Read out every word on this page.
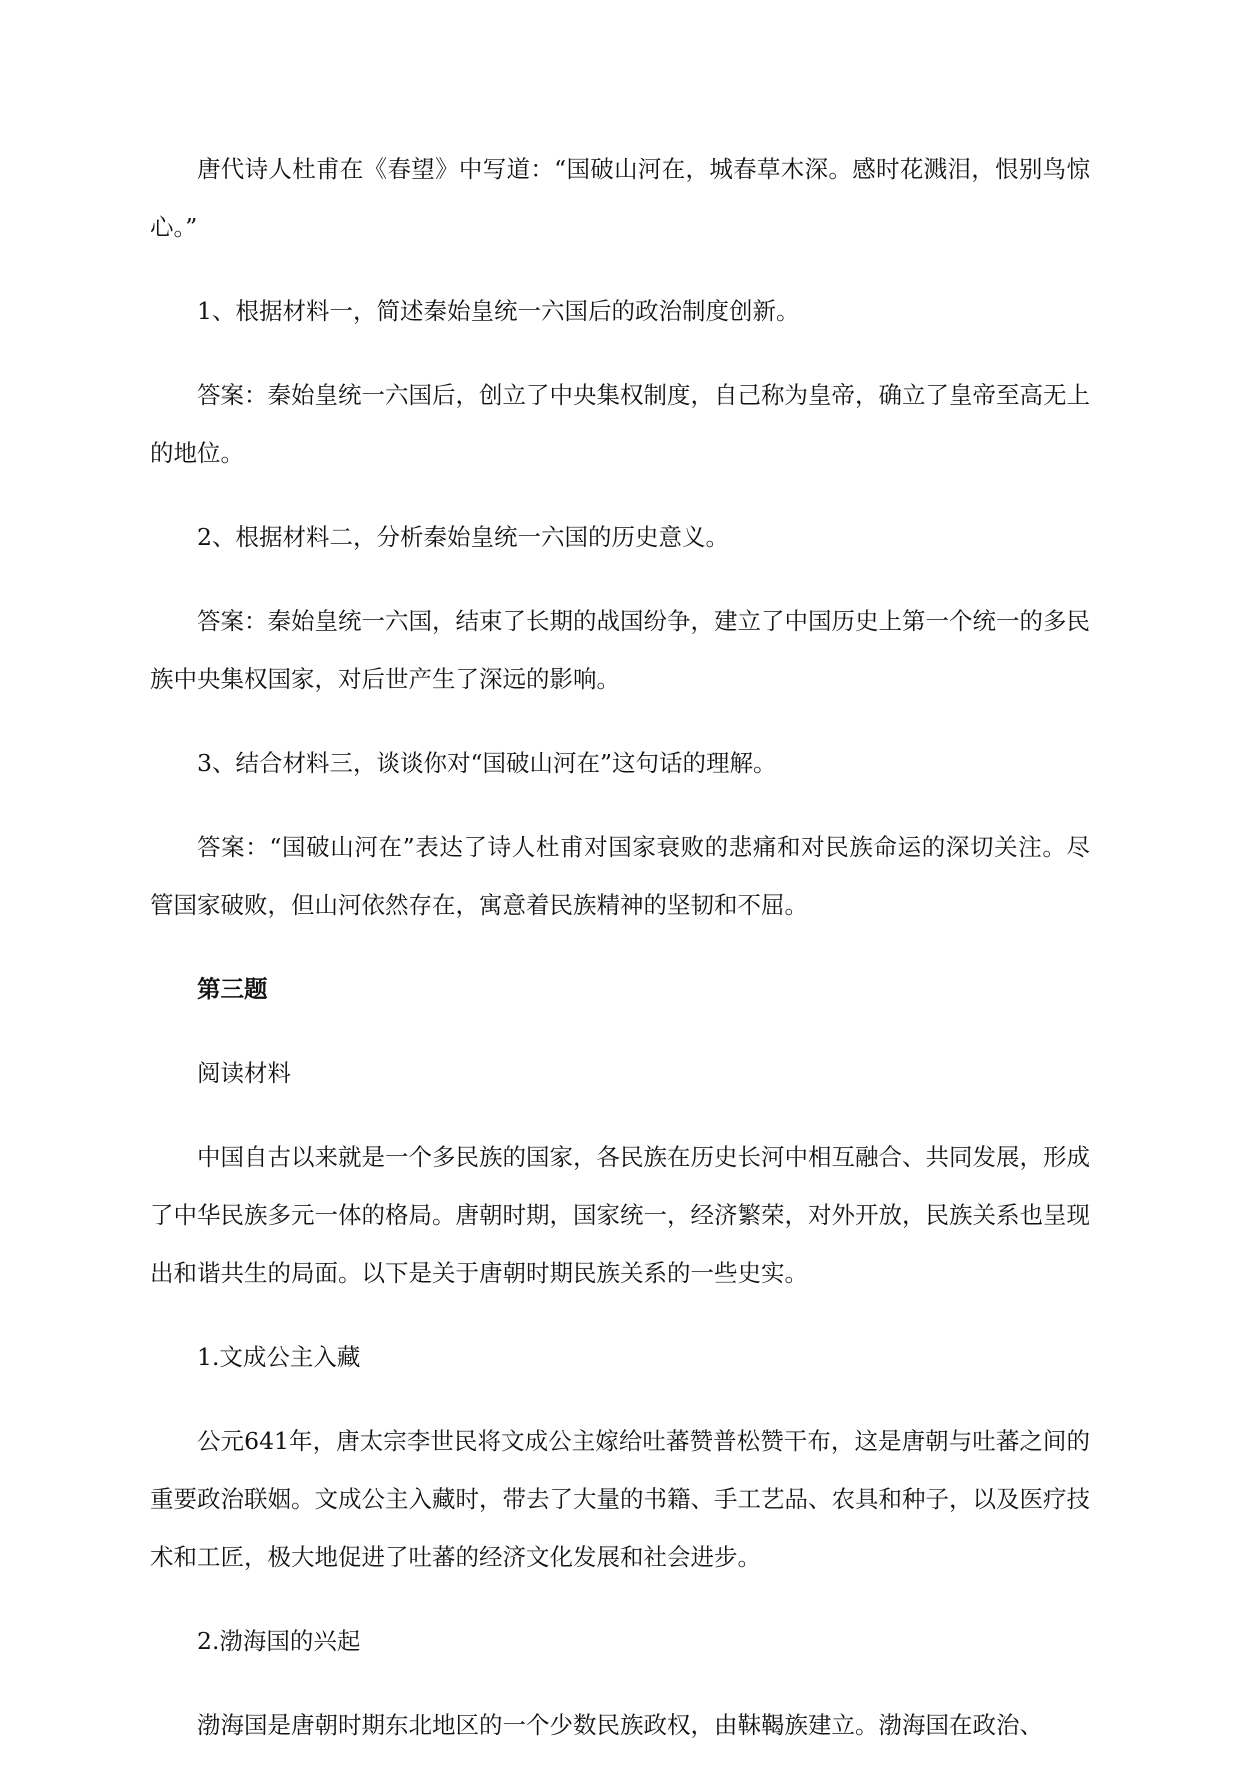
唐代诗人杜甫在《春望》中写道：“国破山河在，城春草木深。感时花溅泪，恨别鸟惊心。”

1、根据材料一，简述秦始皇统一六国后的政治制度创新。

答案：秦始皇统一六国后，创立了中央集权制度，自己称为皇帝，确立了皇帝至高无上的地位。

2、根据材料二，分析秦始皇统一六国的历史意义。

答案：秦始皇统一六国，结束了长期的战国纷争，建立了中国历史上第一个统一的多民族中央集权国家，对后世产生了深远的影响。

3、结合材料三，谈谈你对“国破山河在”这句话的理解。

答案：“国破山河在”表达了诗人杜甫对国家衰败的悲痛和对民族命运的深切关注。尽管国家破败，但山河依然存在，寓意着民族精神的坚韧和不屈。

第三题

阅读材料

中国自古以来就是一个多民族的国家，各民族在历史长河中相互融合、共同发展，形成了中华民族多元一体的格局。唐朝时期，国家统一，经济繁荣，对外开放，民族关系也呈现出和谐共生的局面。以下是关于唐朝时期民族关系的一些史实。

1.文成公主入藏

公元641年，唐太宗李世民将文成公主嫁给吐蕃赞普松赞干布，这是唐朝与吐蕃之间的重要政治联姻。文成公主入藏时，带去了大量的书籍、手工艺品、农具和种子，以及医疗技术和工匠，极大地促进了吐蕃的经济文化发展和社会进步。

2.渤海国的兴起

渤海国是唐朝时期东北地区的一个少数民族政权，由靺鞨族建立。渤海国在政治、
